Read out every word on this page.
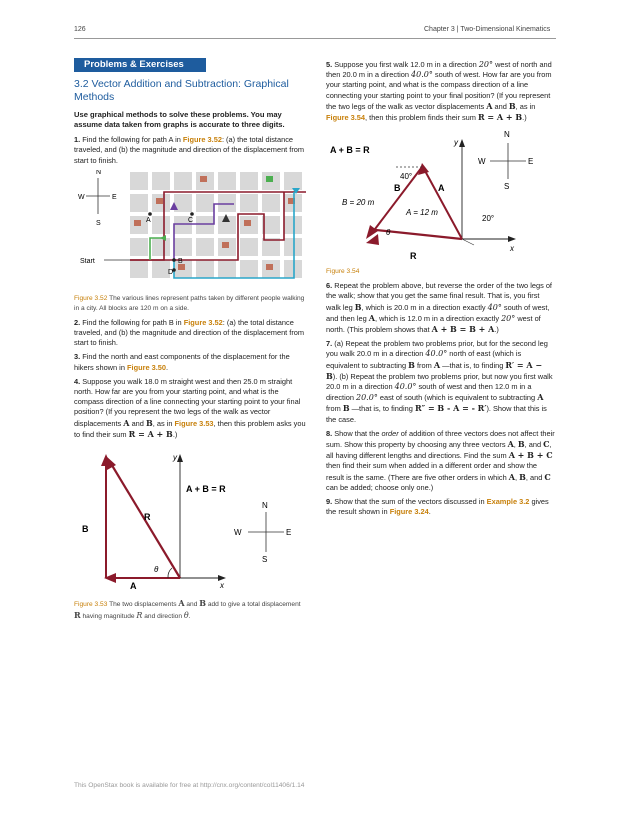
126	Chapter 3 | Two-Dimensional Kinematics
Problems & Exercises
3.2 Vector Addition and Subtraction: Graphical Methods
Use graphical methods to solve these problems. You may assume data taken from graphs is accurate to three digits.

1. Find the following for path A in Figure 3.52: (a) the total distance traveled, and (b) the magnitude and direction of the displacement from start to finish.

N
W	E
S
Start
A
B
C
D

Figure 3.52 The various lines represent paths taken by different people walking in a city. All blocks are 120 m on a side.

2. Find the following for path B in Figure 3.52: (a) the total distance traveled, and (b) the magnitude and direction of the displacement from start to finish.

3. Find the north and east components of the displacement for the hikers shown in Figure 3.50.

4. Suppose you walk 18.0 m straight west and then 25.0 m straight north. How far are you from your starting point, and what is the compass direction of a line connecting your starting point to your final position? (If you represent the two legs of the walk as vector displacements A and B, as in Figure 3.53, then this problem asks you to find their sum R = A + B.)

y
x
θ
R
B
A
A + B = R
N
W	E
S

Figure 3.53 The two displacements A and B add to give a total displacement R having magnitude R and direction θ.

5. Suppose you first walk 12.0 m in a direction 20° west of north and then 20.0 m in a direction 40.0° south of west. How far are you from your starting point, and what is the compass direction of a line connecting your starting point to your final position? (If you represent the two legs of the walk as vector displacements A and B, as in Figure 3.54, then this problem finds their sum R = A + B.)

y
x
A + B = R
40°
B	A
B = 20 m
A = 12 m
20°
θ
R
N
W	E
S

Figure 3.54

6. Repeat the problem above, but reverse the order of the two legs of the walk; show that you get the same final result. That is, you first walk leg B, which is 20.0 m in a direction exactly 40° south of west, and then leg A, which is 12.0 m in a direction exactly 20° west of north. (This problem shows that A + B = B + A.)

7. (a) Repeat the problem two problems prior, but for the second leg you walk 20.0 m in a direction 40.0° north of east (which is equivalent to subtracting B from A —that is, to finding R′ = A − B). (b) Repeat the problem two problems prior, but now you first walk 20.0 m in a direction 40.0° south of west and then 12.0 m in a direction 20.0° east of south (which is equivalent to subtracting A from B —that is, to finding R″ = B - A = - R′). Show that this is the case.

8. Show that the order of addition of three vectors does not affect their sum. Show this property by choosing any three vectors A, B, and C, all having different lengths and directions. Find the sum A + B + C then find their sum when added in a different order and show the result is the same. (There are five other orders in which A, B, and C can be added; choose only one.)

9. Show that the sum of the vectors discussed in Example 3.2 gives the result shown in Figure 3.24.

This OpenStax book is available for free at http://cnx.org/content/col11406/1.14
